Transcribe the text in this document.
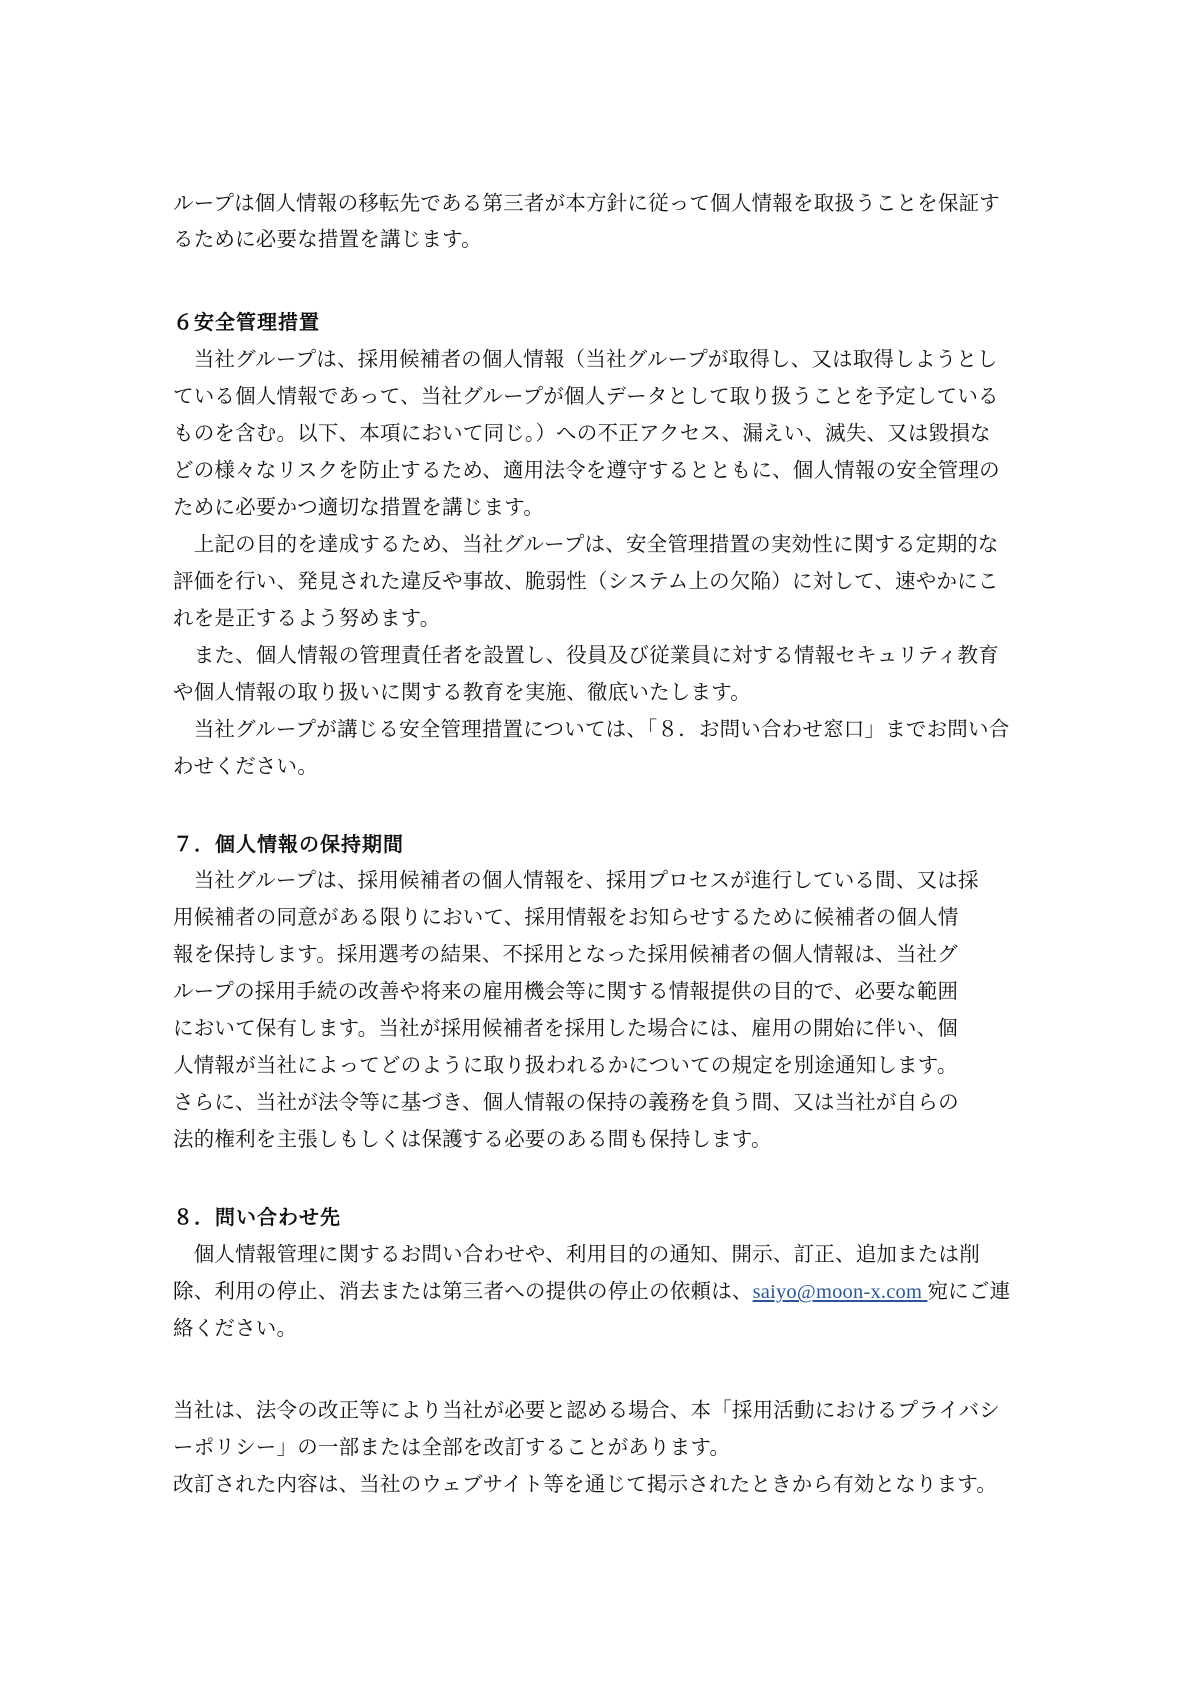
ループは個人情報の移転先である第三者が本方針に従って個人情報を取扱うことを保証す
るために必要な措置を講じます。
６安全管理措置
　当社グループは、採用候補者の個人情報（当社グループが取得し、又は取得しようとし
ている個人情報であって、当社グループが個人データとして取り扱うことを予定している
ものを含む。以下、本項において同じ。）への不正アクセス、漏えい、滅失、又は毀損な
どの様々なリスクを防止するため、適用法令を遵守するとともに、個人情報の安全管理の
ために必要かつ適切な措置を講じます。
　上記の目的を達成するため、当社グループは、安全管理措置の実効性に関する定期的な
評価を行い、発見された違反や事故、脆弱性（システム上の欠陥）に対して、速やかにこ
れを是正するよう努めます。
　また、個人情報の管理責任者を設置し、役員及び従業員に対する情報セキュリティ教育
や個人情報の取り扱いに関する教育を実施、徹底いたします。
　当社グループが講じる安全管理措置については、「８．お問い合わせ窓口」までお問い合
わせください。
７．個人情報の保持期間
　当社グループは、採用候補者の個人情報を、採用プロセスが進行している間、又は採
用候補者の同意がある限りにおいて、採用情報をお知らせするために候補者の個人情
報を保持します。採用選考の結果、不採用となった採用候補者の個人情報は、当社グ
ループの採用手続の改善や将来の雇用機会等に関する情報提供の目的で、必要な範囲
において保有します。当社が採用候補者を採用した場合には、雇用の開始に伴い、個
人情報が当社によってどのように取り扱われるかについての規定を別途通知します。
さらに、当社が法令等に基づき、個人情報の保持の義務を負う間、又は当社が自らの
法的権利を主張しもしくは保護する必要のある間も保持します。
８．問い合わせ先
　個人情報管理に関するお問い合わせや、利用目的の通知、開示、訂正、追加または削
除、利用の停止、消去または第三者への提供の停止の依頼は、saiyo@moon-x.com 宛にご連
絡ください。
当社は、法令の改正等により当社が必要と認める場合、本「採用活動におけるプライバシ
ーポリシー」の一部または全部を改訂することがあります。
改訂された内容は、当社のウェブサイト等を通じて掲示されたときから有効となります。
